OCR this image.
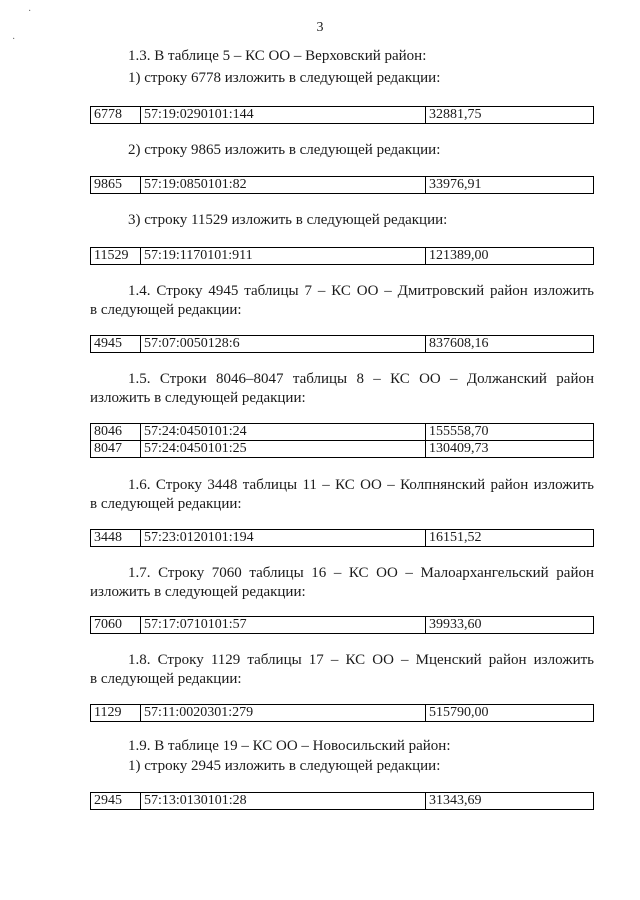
3
1.3. В таблице 5 – КС ОО – Верховский район:
1) строку 6778 изложить в следующей редакции:
6778	57:19:0290101:144	32881,75
2) строку 9865 изложить в следующей редакции:
9865	57:19:0850101:82	33976,91
3) строку 11529 изложить в следующей редакции:
11529	57:19:1170101:911	121389,00
1.4. Строку 4945 таблицы 7 – КС ОО – Дмитровский район изложить
в следующей редакции:
4945	57:07:0050128:6	837608,16
1.5. Строки 8046–8047 таблицы 8 – КС ОО – Должанский район
изложить в следующей редакции:
8046	57:24:0450101:24	155558,70
8047	57:24:0450101:25	130409,73
1.6. Строку 3448 таблицы 11 – КС ОО – Колпнянский район изложить
в следующей редакции:
3448	57:23:0120101:194	16151,52
1.7. Строку 7060 таблицы 16 – КС ОО – Малоархангельский район
изложить в следующей редакции:
7060	57:17:0710101:57	39933,60
1.8. Строку 1129 таблицы 17 – КС ОО – Мценский район изложить
в следующей редакции:
1129	57:11:0020301:279	515790,00
1.9. В таблице 19 – КС ОО – Новосильский район:
1) строку 2945 изложить в следующей редакции:
2945	57:13:0130101:28	31343,69
·
·
